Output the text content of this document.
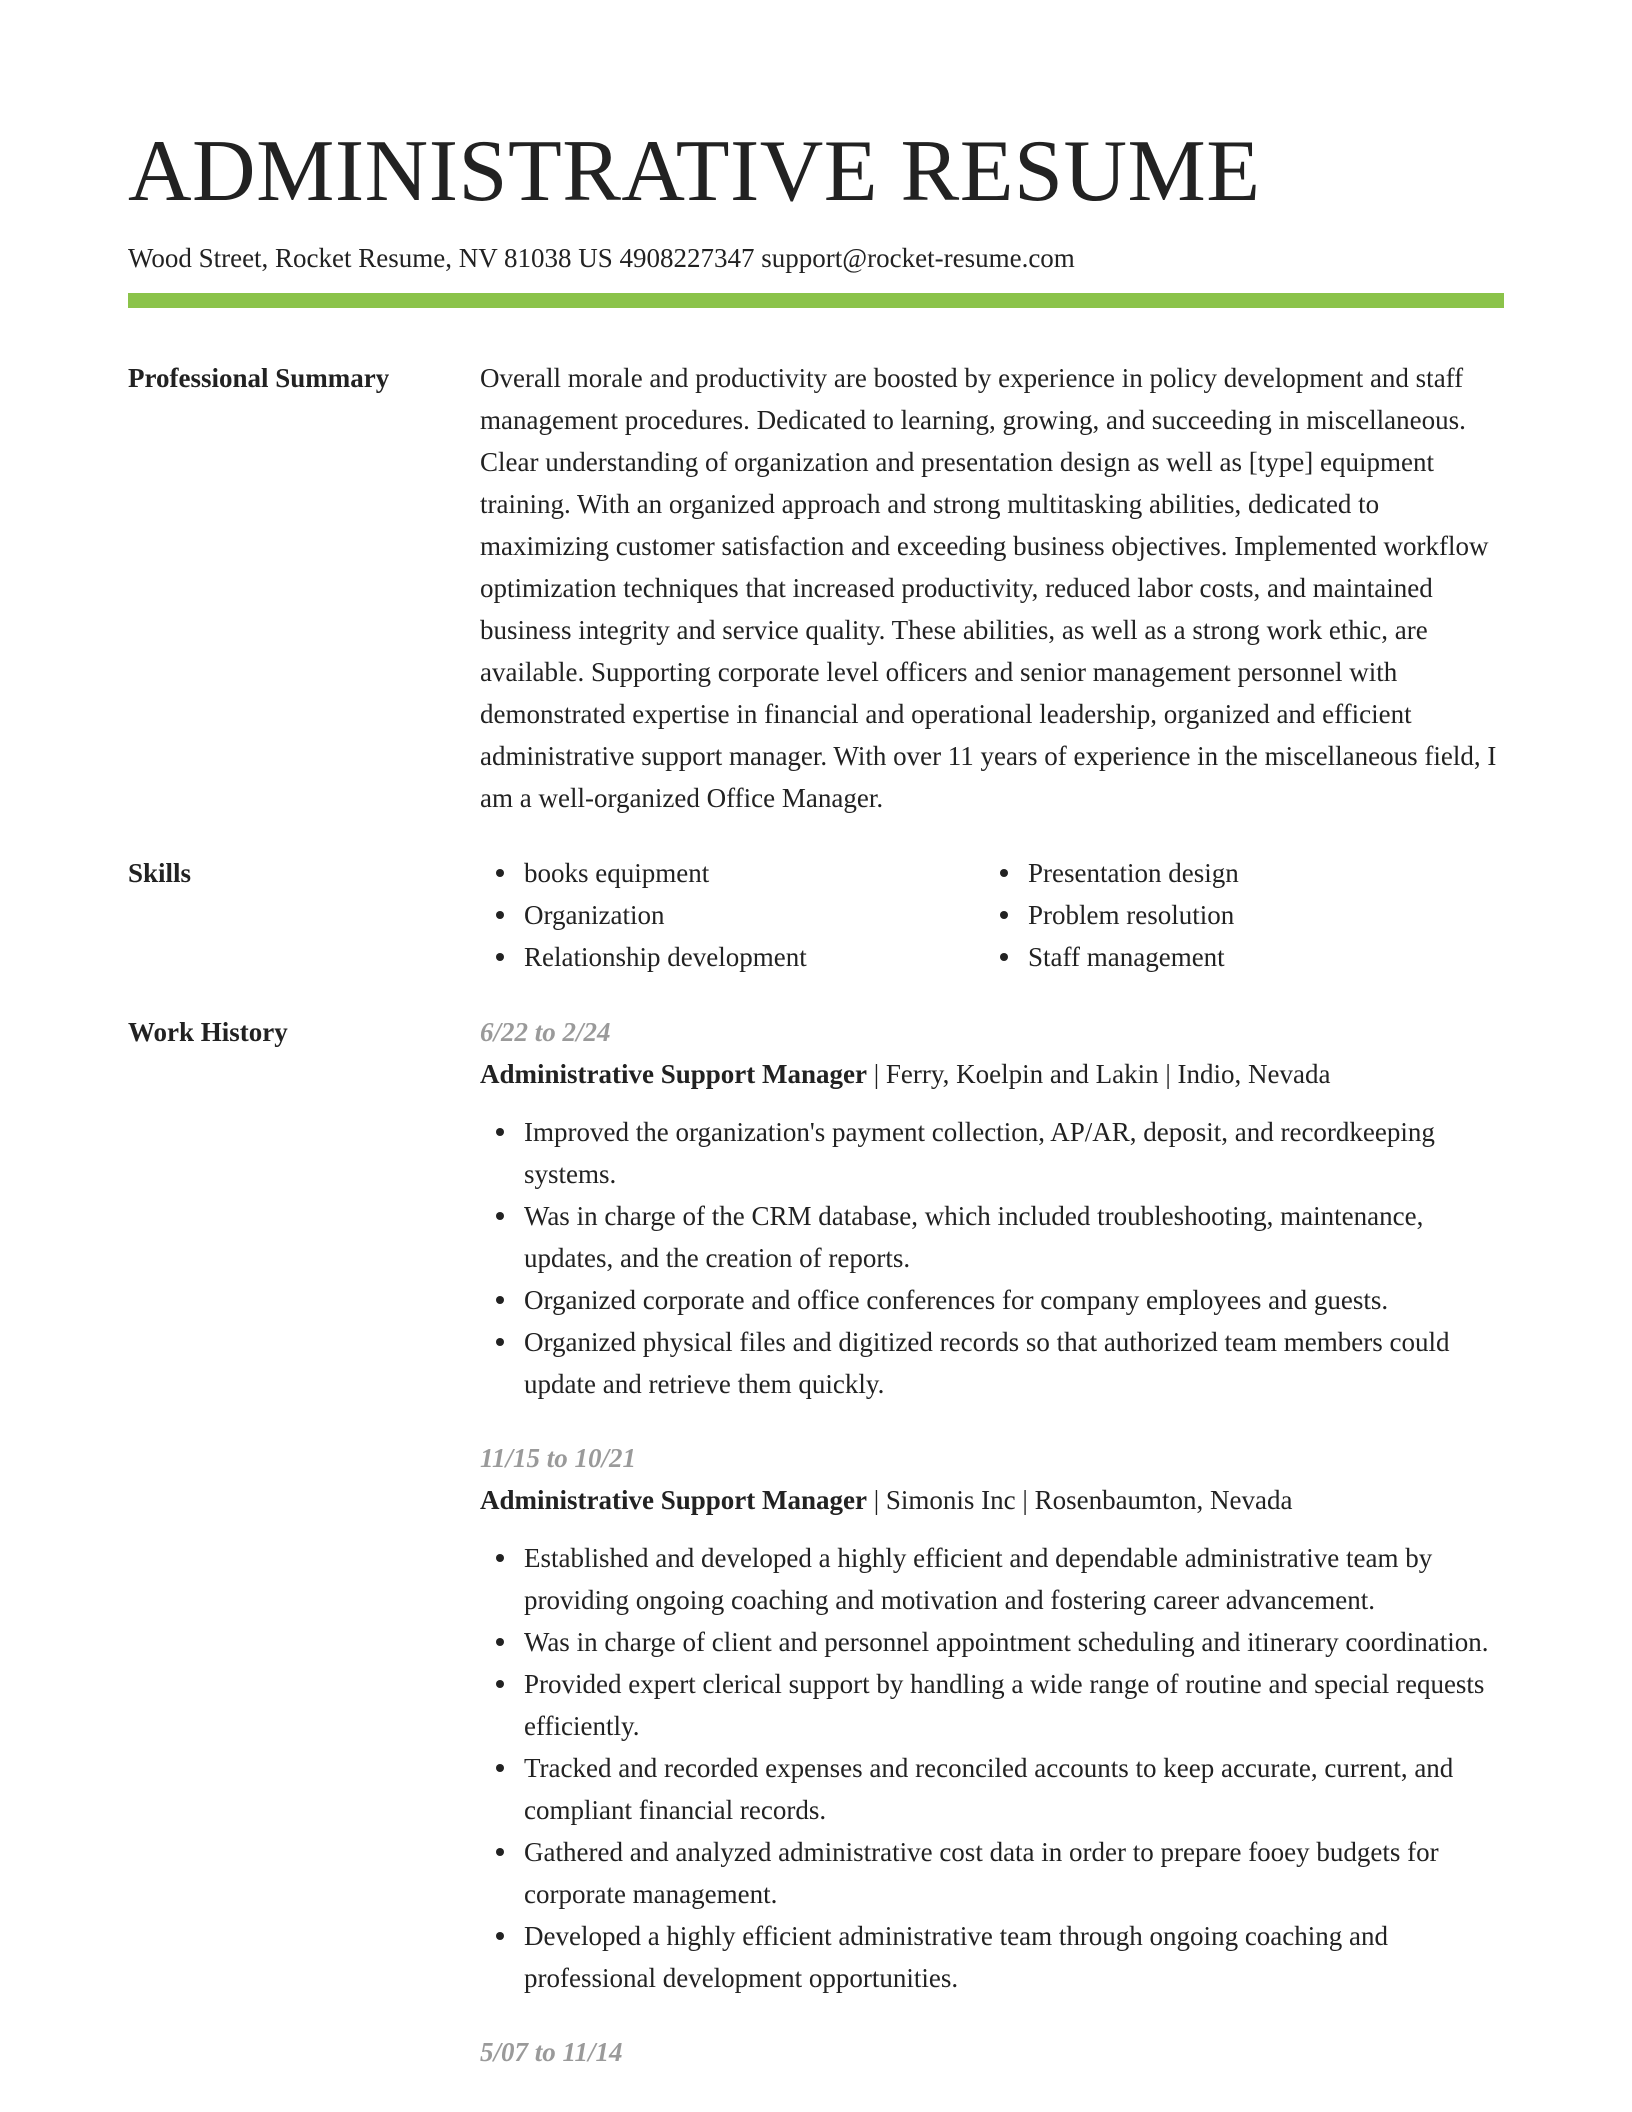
ADMINISTRATIVE RESUME
Wood Street, Rocket Resume, NV 81038 US 4908227347 support@rocket-resume.com
Professional Summary	Overall morale and productivity are boosted by experience in policy development and staff management procedures. Dedicated to learning, growing, and succeeding in miscellaneous. Clear understanding of organization and presentation design as well as [type] equipment training. With an organized approach and strong multitasking abilities, dedicated to maximizing customer satisfaction and exceeding business objectives. Implemented workflow optimization techniques that increased productivity, reduced labor costs, and maintained business integrity and service quality. These abilities, as well as a strong work ethic, are available. Supporting corporate level officers and senior management personnel with demonstrated expertise in financial and operational leadership, organized and efficient administrative support manager. With over 11 years of experience in the miscellaneous field, I am a well-organized Office Manager.
Skills	books equipment
Organization
Relationship development
Presentation design
Problem resolution
Staff management
Work History	6/22 to 2/24
Administrative Support Manager | Ferry, Koelpin and Lakin | Indio, Nevada
Improved the organization's payment collection, AP/AR, deposit, and recordkeeping systems.
Was in charge of the CRM database, which included troubleshooting, maintenance, updates, and the creation of reports.
Organized corporate and office conferences for company employees and guests.
Organized physical files and digitized records so that authorized team members could update and retrieve them quickly.
11/15 to 10/21
Administrative Support Manager | Simonis Inc | Rosenbaumton, Nevada
Established and developed a highly efficient and dependable administrative team by providing ongoing coaching and motivation and fostering career advancement.
Was in charge of client and personnel appointment scheduling and itinerary coordination.
Provided expert clerical support by handling a wide range of routine and special requests efficiently.
Tracked and recorded expenses and reconciled accounts to keep accurate, current, and compliant financial records.
Gathered and analyzed administrative cost data in order to prepare fooey budgets for corporate management.
Developed a highly efficient administrative team through ongoing coaching and professional development opportunities.
5/07 to 11/14
